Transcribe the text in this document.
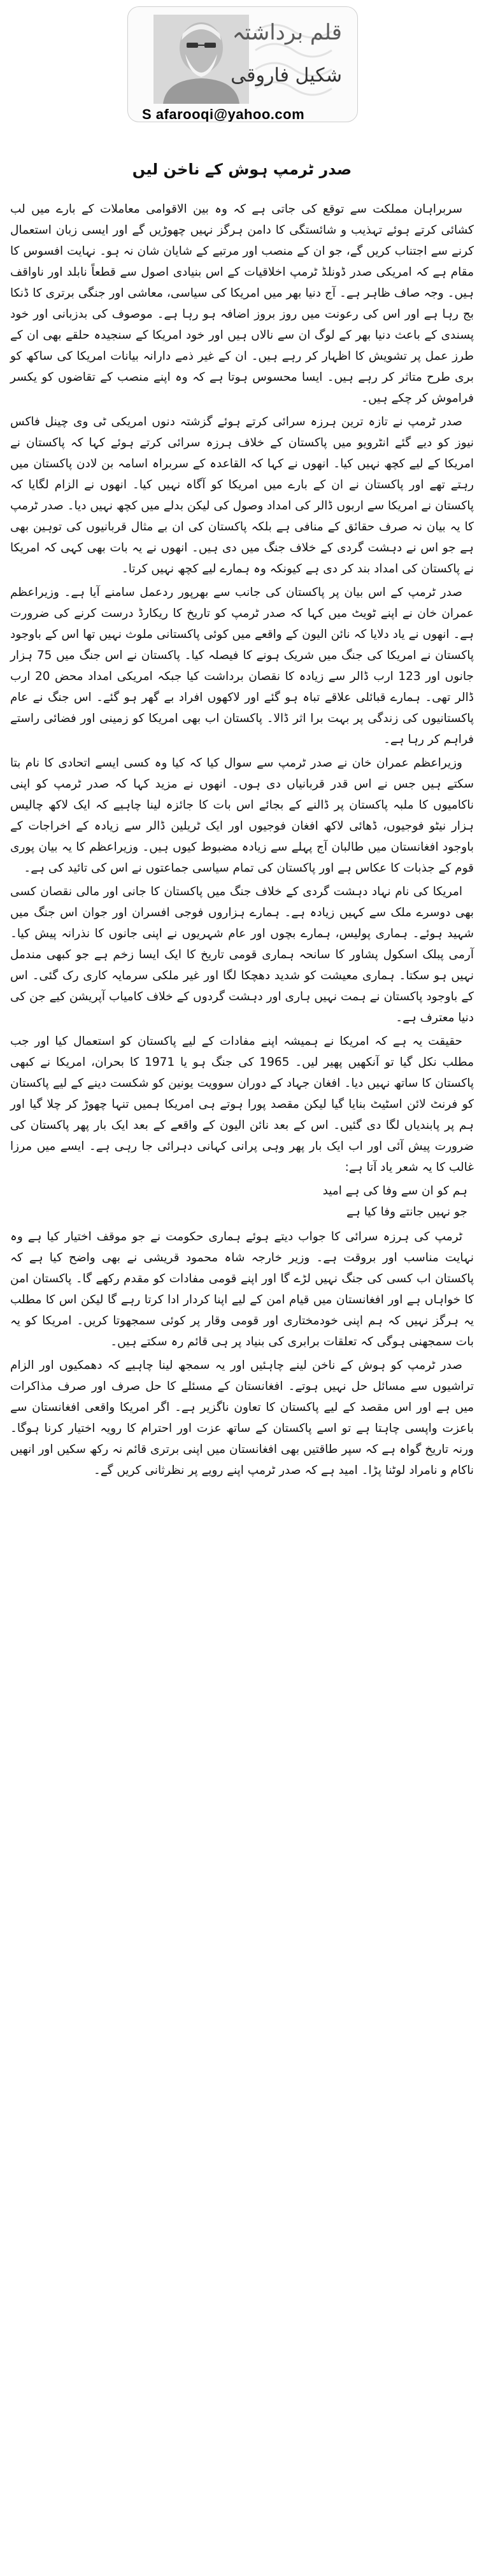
قلم برداشتہ
شکیل فاروقی
S afarooqi@yahoo.com
صدر ٹرمپ ہوش کے ناخن لیں

سربراہان مملکت سے توقع کی جاتی ہے کہ وہ بین الاقوامی معاملات کے بارے میں لب کشائی کرتے ہوئے تہذیب و شائستگی کا دامن ہرگز نہیں چھوڑیں گے اور ایسی زبان استعمال کرنے سے اجتناب کریں گے، جو ان کے منصب اور مرتبے کے شایان شان نہ ہو۔ نہایت افسوس کا مقام ہے کہ امریکی صدر ڈونلڈ ٹرمپ اخلاقیات کے اس بنیادی اصول سے قطعاً نابلد اور ناواقف ہیں۔ وجہ صاف ظاہر ہے۔ آج دنیا بھر میں امریکا کی سیاسی، معاشی اور جنگی برتری کا ڈنکا بج رہا ہے اور اس کی رعونت میں روز بروز اضافہ ہو رہا ہے۔ موصوف کی بدزبانی اور خود پسندی کے باعث دنیا بھر کے لوگ ان سے نالاں ہیں اور خود امریکا کے سنجیدہ حلقے بھی ان کے طرز عمل پر تشویش کا اظہار کر رہے ہیں۔ ان کے غیر ذمے دارانہ بیانات امریکا کی ساکھ کو بری طرح متاثر کر رہے ہیں۔ ایسا محسوس ہوتا ہے کہ وہ اپنے منصب کے تقاضوں کو یکسر فراموش کر چکے ہیں۔

صدر ٹرمپ نے تازہ ترین ہرزہ سرائی کرتے ہوئے گزشتہ دنوں امریکی ٹی وی چینل فاکس نیوز کو دیے گئے انٹرویو میں پاکستان کے خلاف ہرزہ سرائی کرتے ہوئے کہا کہ پاکستان نے امریکا کے لیے کچھ نہیں کیا۔ انھوں نے کہا کہ القاعدہ کے سربراہ اسامہ بن لادن پاکستان میں رہتے تھے اور پاکستان نے ان کے بارے میں امریکا کو آگاہ نہیں کیا۔ انھوں نے الزام لگایا کہ پاکستان نے امریکا سے اربوں ڈالر کی امداد وصول کی لیکن بدلے میں کچھ نہیں دیا۔ صدر ٹرمپ کا یہ بیان نہ صرف حقائق کے منافی ہے بلکہ پاکستان کی ان بے مثال قربانیوں کی توہین بھی ہے جو اس نے دہشت گردی کے خلاف جنگ میں دی ہیں۔ انھوں نے یہ بات بھی کہی کہ امریکا نے پاکستان کی امداد بند کر دی ہے کیونکہ وہ ہمارے لیے کچھ نہیں کرتا۔

صدر ٹرمپ کے اس بیان پر پاکستان کی جانب سے بھرپور ردعمل سامنے آیا ہے۔ وزیراعظم عمران خان نے اپنے ٹویٹ میں کہا کہ صدر ٹرمپ کو تاریخ کا ریکارڈ درست کرنے کی ضرورت ہے۔ انھوں نے یاد دلایا کہ نائن الیون کے واقعے میں کوئی پاکستانی ملوث نہیں تھا اس کے باوجود پاکستان نے امریکا کی جنگ میں شریک ہونے کا فیصلہ کیا۔ پاکستان نے اس جنگ میں 75 ہزار جانوں اور 123 ارب ڈالر سے زیادہ کا نقصان برداشت کیا جبکہ امریکی امداد محض 20 ارب ڈالر تھی۔ ہمارے قبائلی علاقے تباہ ہو گئے اور لاکھوں افراد بے گھر ہو گئے۔ اس جنگ نے عام پاکستانیوں کی زندگی پر بہت برا اثر ڈالا۔ پاکستان اب بھی امریکا کو زمینی اور فضائی راستے فراہم کر رہا ہے۔

وزیراعظم عمران خان نے صدر ٹرمپ سے سوال کیا کہ کیا وہ کسی ایسے اتحادی کا نام بتا سکتے ہیں جس نے اس قدر قربانیاں دی ہوں۔ انھوں نے مزید کہا کہ صدر ٹرمپ کو اپنی ناکامیوں کا ملبہ پاکستان پر ڈالنے کے بجائے اس بات کا جائزہ لینا چاہیے کہ ایک لاکھ چالیس ہزار نیٹو فوجیوں، ڈھائی لاکھ افغان فوجیوں اور ایک ٹریلین ڈالر سے زیادہ کے اخراجات کے باوجود افغانستان میں طالبان آج پہلے سے زیادہ مضبوط کیوں ہیں۔ وزیراعظم کا یہ بیان پوری قوم کے جذبات کا عکاس ہے اور پاکستان کی تمام سیاسی جماعتوں نے اس کی تائید کی ہے۔

امریکا کی نام نہاد دہشت گردی کے خلاف جنگ میں پاکستان کا جانی اور مالی نقصان کسی بھی دوسرے ملک سے کہیں زیادہ ہے۔ ہمارے ہزاروں فوجی افسران اور جوان اس جنگ میں شہید ہوئے۔ ہماری پولیس، ہمارے بچوں اور عام شہریوں نے اپنی جانوں کا نذرانہ پیش کیا۔ آرمی پبلک اسکول پشاور کا سانحہ ہماری قومی تاریخ کا ایک ایسا زخم ہے جو کبھی مندمل نہیں ہو سکتا۔ ہماری معیشت کو شدید دھچکا لگا اور غیر ملکی سرمایہ کاری رک گئی۔ اس کے باوجود پاکستان نے ہمت نہیں ہاری اور دہشت گردوں کے خلاف کامیاب آپریشن کیے جن کی دنیا معترف ہے۔

حقیقت یہ ہے کہ امریکا نے ہمیشہ اپنے مفادات کے لیے پاکستان کو استعمال کیا اور جب مطلب نکل گیا تو آنکھیں پھیر لیں۔ 1965 کی جنگ ہو یا 1971 کا بحران، امریکا نے کبھی پاکستان کا ساتھ نہیں دیا۔ افغان جہاد کے دوران سوویت یونین کو شکست دینے کے لیے پاکستان کو فرنٹ لائن اسٹیٹ بنایا گیا لیکن مقصد پورا ہوتے ہی امریکا ہمیں تنہا چھوڑ کر چلا گیا اور ہم پر پابندیاں لگا دی گئیں۔ اس کے بعد نائن الیون کے واقعے کے بعد ایک بار پھر پاکستان کی ضرورت پیش آئی اور اب ایک بار پھر وہی پرانی کہانی دہرائی جا رہی ہے۔ ایسے میں مرزا غالب کا یہ شعر یاد آتا ہے:

ہم کو ان سے وفا کی ہے امید

جو نہیں جانتے وفا کیا ہے

ٹرمپ کی ہرزہ سرائی کا جواب دیتے ہوئے ہماری حکومت نے جو موقف اختیار کیا ہے وہ نہایت مناسب اور بروقت ہے۔ وزیر خارجہ شاہ محمود قریشی نے بھی واضح کیا ہے کہ پاکستان اب کسی کی جنگ نہیں لڑے گا اور اپنے قومی مفادات کو مقدم رکھے گا۔ پاکستان امن کا خواہاں ہے اور افغانستان میں قیام امن کے لیے اپنا کردار ادا کرتا رہے گا لیکن اس کا مطلب یہ ہرگز نہیں کہ ہم اپنی خودمختاری اور قومی وقار پر کوئی سمجھوتا کریں۔ امریکا کو یہ بات سمجھنی ہوگی کہ تعلقات برابری کی بنیاد پر ہی قائم رہ سکتے ہیں۔

صدر ٹرمپ کو ہوش کے ناخن لینے چاہئیں اور یہ سمجھ لینا چاہیے کہ دھمکیوں اور الزام تراشیوں سے مسائل حل نہیں ہوتے۔ افغانستان کے مسئلے کا حل صرف اور صرف مذاکرات میں ہے اور اس مقصد کے لیے پاکستان کا تعاون ناگزیر ہے۔ اگر امریکا واقعی افغانستان سے باعزت واپسی چاہتا ہے تو اسے پاکستان کے ساتھ عزت اور احترام کا رویہ اختیار کرنا ہوگا۔ ورنہ تاریخ گواہ ہے کہ سپر طاقتیں بھی افغانستان میں اپنی برتری قائم نہ رکھ سکیں اور انھیں ناکام و نامراد لوٹنا پڑا۔ امید ہے کہ صدر ٹرمپ اپنے رویے پر نظرثانی کریں گے۔
